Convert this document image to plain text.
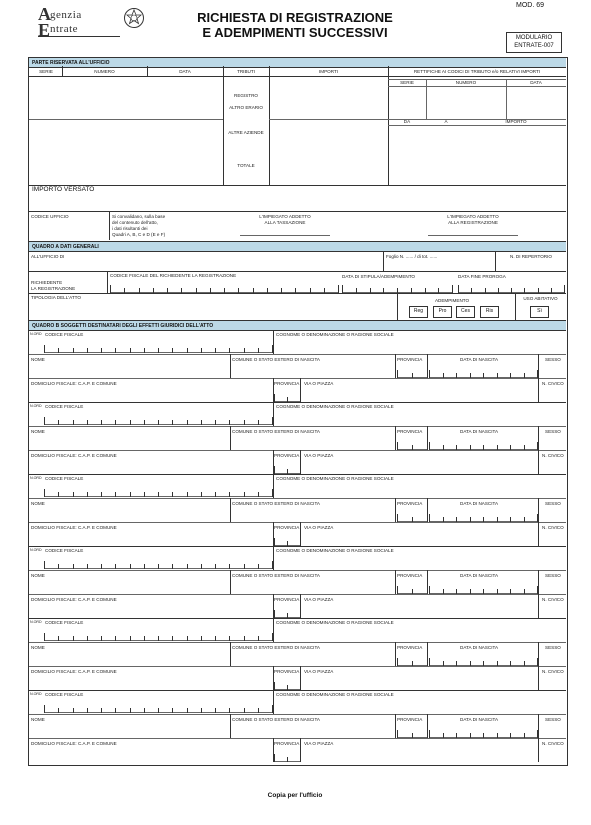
A genzia
E ntrate
RICHIESTA DI REGISTRAZIONE
E ADEMPIMENTI SUCCESSIVI
MOD. 69
MODULARIO
ENTRATE-007
PARTE RISERVATA ALL'UFFICIO
SERIE	NUMERO	DATA	TRIBUTI	IMPORTI	RETTIFICHE AI CODICI DI TRIBUTO e/o RELATIVI IMPORTI
SERIE	NUMERO	DATA
REGISTRO
ALTRO ERARIO
ALTRE AZIENDE
TOTALE
DA	A	IMPORTO
IMPORTO VERSATO
CODICE UFFICIO	Si convalidano, sulla base
del contenuto dell'atto,
i dati risultanti dei
Quadri A, B, C e D (E e F)
L'IMPIEGATO ADDETTO
ALLA TASSAZIONE
L'IMPIEGATO ADDETTO
ALLA REGISTRAZIONE
QUADRO A DATI GENERALI
ALL'UFFICIO DI	Foglio N. ...... / di tot. ......	N. DI REPERTORIO
RICHIEDENTE
LA REGISTRAZIONE
CODICE FISCALE DEL RICHIEDENTE LA REGISTRAZIONE	DATA DI STIPULA/ADEMPIMENTO	DATA FINE PROROGA
TIPOLOGIA DELL'ATTO
ADEMPIMENTO	USO ABITATIVO
Reg	Pro	Ces	Ris	Sì
QUADRO B SOGGETTI DESTINATARI DEGLI EFFETTI GIURIDICI DELL'ATTO
N.ORD CODICE FISCALE	COGNOME O DENOMINAZIONE O RAGIONE SOCIALE
NOME	COMUNE O STATO ESTERO DI NASCITA	PROVINCIA	DATA DI NASCITA	SESSO
DOMICILIO FISCALE: C.A.P. E COMUNE	PROVINCIA VIA O PIAZZA	N. CIVICO
N.ORD CODICE FISCALE	COGNOME O DENOMINAZIONE O RAGIONE SOCIALE
NOME	COMUNE O STATO ESTERO DI NASCITA	PROVINCIA	DATA DI NASCITA	SESSO
DOMICILIO FISCALE: C.A.P. E COMUNE	PROVINCIA VIA O PIAZZA	N. CIVICO
N.ORD CODICE FISCALE	COGNOME O DENOMINAZIONE O RAGIONE SOCIALE
NOME	COMUNE O STATO ESTERO DI NASCITA	PROVINCIA	DATA DI NASCITA	SESSO
DOMICILIO FISCALE: C.A.P. E COMUNE	PROVINCIA VIA O PIAZZA	N. CIVICO
N.ORD CODICE FISCALE	COGNOME O DENOMINAZIONE O RAGIONE SOCIALE
NOME	COMUNE O STATO ESTERO DI NASCITA	PROVINCIA	DATA DI NASCITA	SESSO
DOMICILIO FISCALE: C.A.P. E COMUNE	PROVINCIA VIA O PIAZZA	N. CIVICO
N.ORD CODICE FISCALE	COGNOME O DENOMINAZIONE O RAGIONE SOCIALE
NOME	COMUNE O STATO ESTERO DI NASCITA	PROVINCIA	DATA DI NASCITA	SESSO
DOMICILIO FISCALE: C.A.P. E COMUNE	PROVINCIA VIA O PIAZZA	N. CIVICO
N.ORD CODICE FISCALE	COGNOME O DENOMINAZIONE O RAGIONE SOCIALE
NOME	COMUNE O STATO ESTERO DI NASCITA	PROVINCIA	DATA DI NASCITA	SESSO
DOMICILIO FISCALE: C.A.P. E COMUNE	PROVINCIA VIA O PIAZZA	N. CIVICO
Copia per l'ufficio
